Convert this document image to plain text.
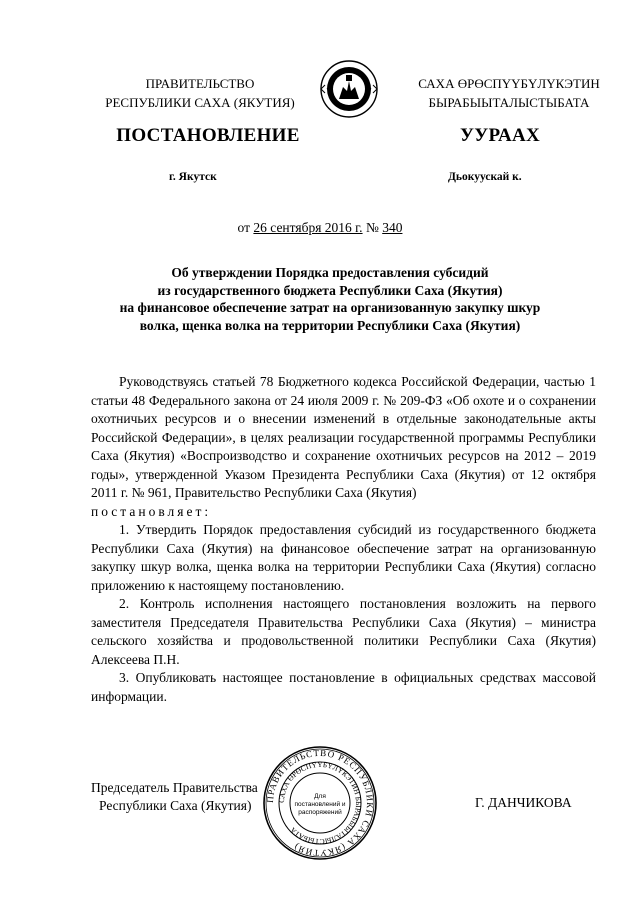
ПРАВИТЕЛЬСТВО
РЕСПУБЛИКИ САХА (ЯКУТИЯ)
САХА ӨРӨСПҮҮБҮЛҮКЭТИН
БЫРАБЫЫТАЛЫСТЫБАТА
ПОСТАНОВЛЕНИЕ	УУРААХ
г. Якутск	Дьокуускай к.
от 26 сентября 2016 г. № 340
Об утверждении Порядка предоставления субсидий
из государственного бюджета Республики Саха (Якутия)
на финансовое обеспечение затрат на организованную закупку шкур
волка, щенка волка на территории Республики Саха (Якутия)

Руководствуясь статьей 78 Бюджетного кодекса Российской Федерации, частью 1 статьи 48 Федерального закона от 24 июля 2009 г. № 209-ФЗ «Об охоте и о сохранении охотничьих ресурсов и о внесении изменений в отдельные законодательные акты Российской Федерации», в целях реализации государственной программы Республики Саха (Якутия) «Воспроизводство и сохранение охотничьих ресурсов на 2012 – 2019 годы», утвержденной Указом Президента Республики Саха (Якутия) от 12 октября 2011 г. № 961, Правительство Республики Саха (Якутия)

постановляет:

1. Утвердить Порядок предоставления субсидий из государственного бюджета Республики Саха (Якутия) на финансовое обеспечение затрат на организованную закупку шкур волка, щенка волка на территории Республики Саха (Якутия) согласно приложению к настоящему постановлению.

2. Контроль исполнения настоящего постановления возложить на первого заместителя Председателя Правительства Республики Саха (Якутия) – министра сельского хозяйства и продовольственной политики Республики Саха (Якутия) Алексеева П.Н.

3. Опубликовать настоящее постановление в официальных средствах массовой информации.

Председатель Правительства
Республики Саха (Якутия)	ПРАВИТЕЛЬСТВО РЕСПУБЛИКИ САХА (ЯКУТИЯ)
САХА ӨРӨСПҮҮБҮЛҮКЭТИН БЫРАБЫЫТАЛЫСТЫБАТА
Для
постановлений и
распоряжений
Г. ДАНЧИКОВА
